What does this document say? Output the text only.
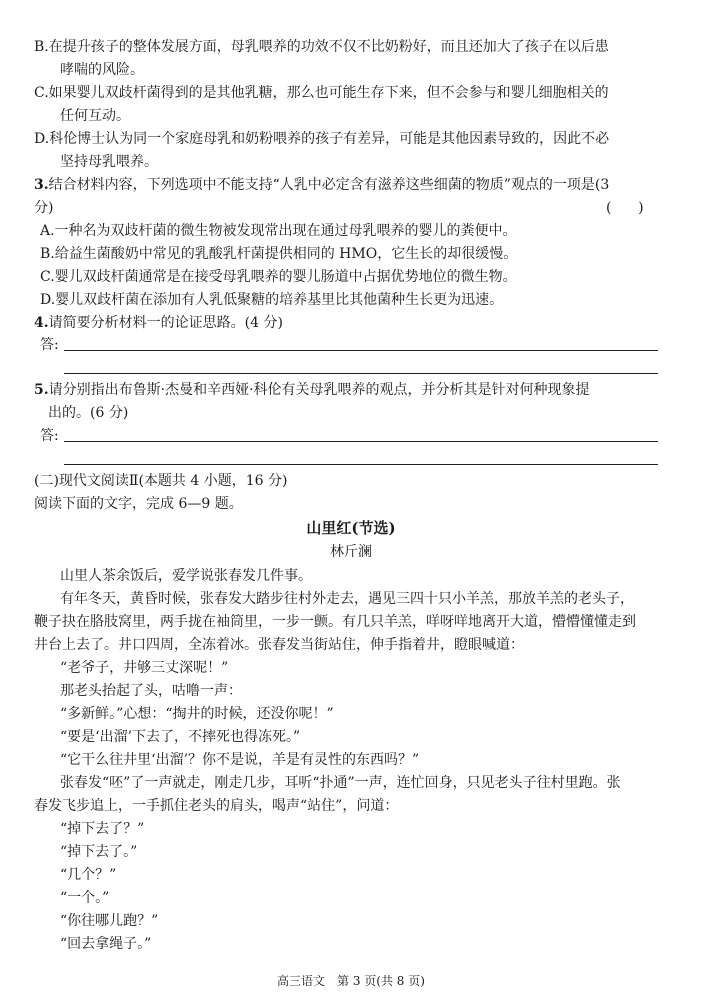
B.在提升孩子的整体发展方面，母乳喂养的功效不仅不比奶粉好，而且还加大了孩子在以后患
哮喘的风险。
C.如果婴儿双歧杆菌得到的是其他乳糖，那么也可能生存下来，但不会参与和婴儿细胞相关的
任何互动。
D.科伦博士认为同一个家庭母乳和奶粉喂养的孩子有差异，可能是其他因素导致的，因此不必
坚持母乳喂养。
3.结合材料内容，下列选项中不能支持“人乳中必定含有滋养这些细菌的物质”观点的一项是(3
分)	(      )
A.一种名为双歧杆菌的微生物被发现常出现在通过母乳喂养的婴儿的粪便中。
B.给益生菌酸奶中常见的乳酸乳杆菌提供相同的 HMO，它生长的却很缓慢。
C.婴儿双歧杆菌通常是在接受母乳喂养的婴儿肠道中占据优势地位的微生物。
D.婴儿双歧杆菌在添加有人乳低聚糖的培养基里比其他菌种生长更为迅速。
4.请简要分析材料一的论证思路。(4 分)
答:
5.请分别指出布鲁斯·杰曼和辛西娅·科伦有关母乳喂养的观点，并分析其是针对何种现象提
出的。(6 分)
答:
(二)现代文阅读Ⅱ(本题共 4 小题，16 分)
阅读下面的文字，完成 6—9 题。
山里红(节选)
林斤澜
山里人茶余饭后，爱学说张春发几件事。
有年冬天，黄昏时候，张春发大踏步往村外走去，遇见三四十只小羊羔，那放羊羔的老头子，
鞭子抉在胳肢窝里，两手拢在袖筒里，一步一颤。有几只羊羔，咩呀咩地离开大道，懵懵懂懂走到
井台上去了。井口四周，全冻着冰。张春发当街站住，伸手指着井，瞪眼喊道：
“老爷子，井够三丈深呢！”
那老头抬起了头，咕噜一声：
“多新鲜。”心想：“掏井的时候，还没你呢！”
“要是‘出溜’下去了，不摔死也得冻死。”
“它干么往井里‘出溜’？你不是说，羊是有灵性的东西吗？”
张春发“呸”了一声就走，刚走几步，耳听“扑通”一声，连忙回身，只见老头子往村里跑。张
春发飞步追上，一手抓住老头的肩头，喝声“站住”，问道：
“掉下去了？”
“掉下去了。”
“几个？”
“一个。”
“你往哪儿跑？”
“回去拿绳子。”
高三语文　第 3 页(共 8 页)
